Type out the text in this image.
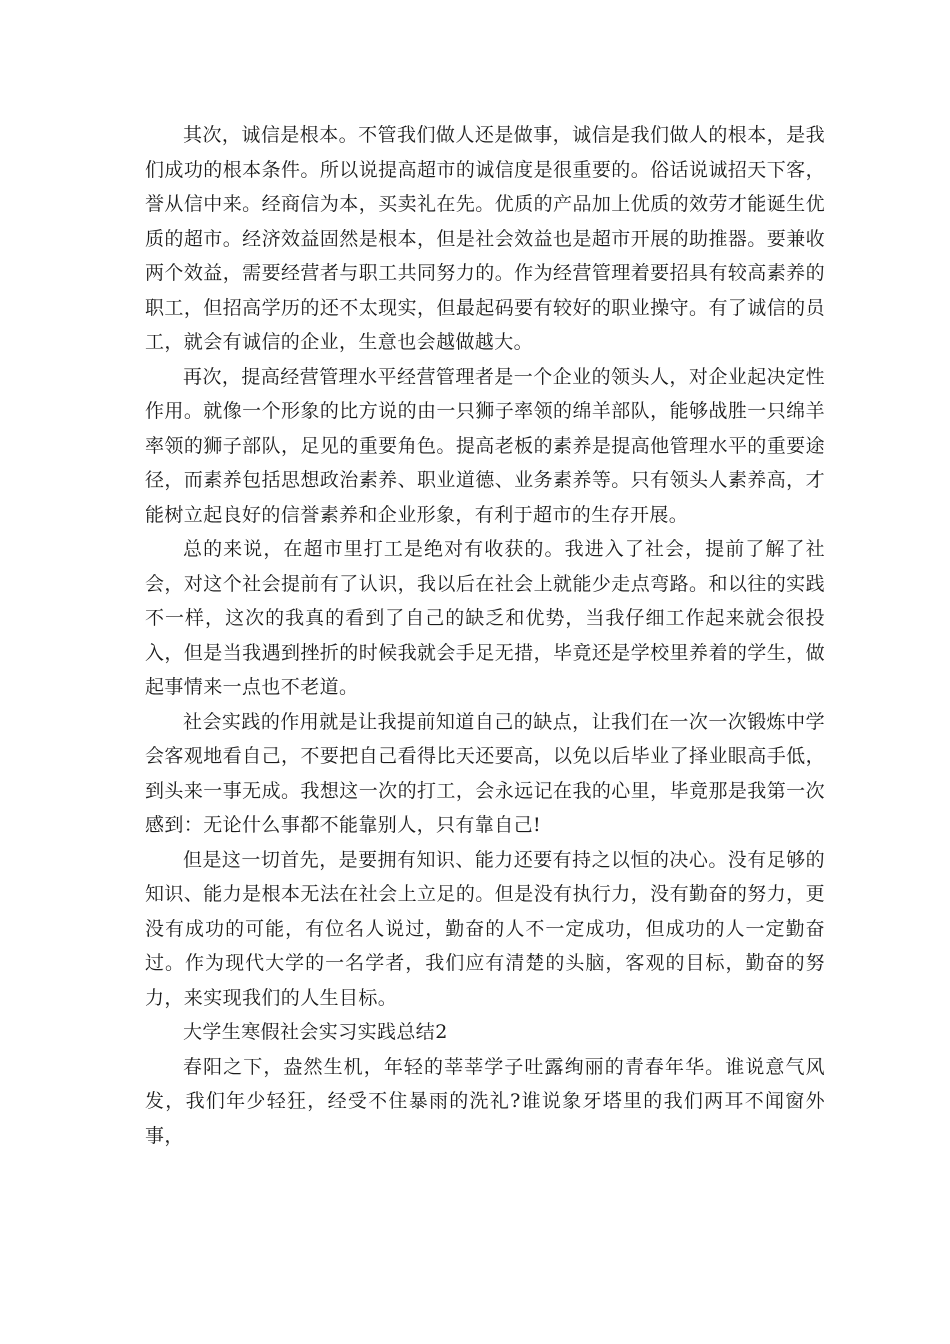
其次，诚信是根本。不管我们做人还是做事，诚信是我们做人的根本，是我们成功的根本条件。所以说提高超市的诚信度是很重要的。俗话说诚招天下客，誉从信中来。经商信为本，买卖礼在先。优质的产品加上优质的效劳才能诞生优质的超市。经济效益固然是根本，但是社会效益也是超市开展的助推器。要兼收两个效益，需要经营者与职工共同努力的。作为经营管理着要招具有较高素养的职工，但招高学历的还不太现实，但最起码要有较好的职业操守。有了诚信的员工，就会有诚信的企业，生意也会越做越大。

再次，提高经营管理水平经营管理者是一个企业的领头人，对企业起决定性作用。就像一个形象的比方说的由一只狮子率领的绵羊部队，能够战胜一只绵羊率领的狮子部队，足见的重要角色。提高老板的素养是提高他管理水平的重要途径，而素养包括思想政治素养、职业道德、业务素养等。只有领头人素养高，才能树立起良好的信誉素养和企业形象，有利于超市的生存开展。

总的来说，在超市里打工是绝对有收获的。我进入了社会，提前了解了社会，对这个社会提前有了认识，我以后在社会上就能少走点弯路。和以往的实践不一样，这次的我真的看到了自己的缺乏和优势，当我仔细工作起来就会很投入，但是当我遇到挫折的时候我就会手足无措，毕竟还是学校里养着的学生，做起事情来一点也不老道。

社会实践的作用就是让我提前知道自己的缺点，让我们在一次一次锻炼中学会客观地看自己，不要把自己看得比天还要高，以免以后毕业了择业眼高手低，到头来一事无成。我想这一次的打工，会永远记在我的心里，毕竟那是我第一次感到：无论什么事都不能靠别人，只有靠自己!

但是这一切首先，是要拥有知识、能力还要有持之以恒的决心。没有足够的知识、能力是根本无法在社会上立足的。但是没有执行力，没有勤奋的努力，更没有成功的可能，有位名人说过，勤奋的人不一定成功，但成功的人一定勤奋过。作为现代大学的一名学者，我们应有清楚的头脑，客观的目标，勤奋的努力，来实现我们的人生目标。

大学生寒假社会实习实践总结2

春阳之下，盎然生机，年轻的莘莘学子吐露绚丽的青春年华。谁说意气风发，我们年少轻狂，经受不住暴雨的洗礼?谁说象牙塔里的我们两耳不闻窗外事，
